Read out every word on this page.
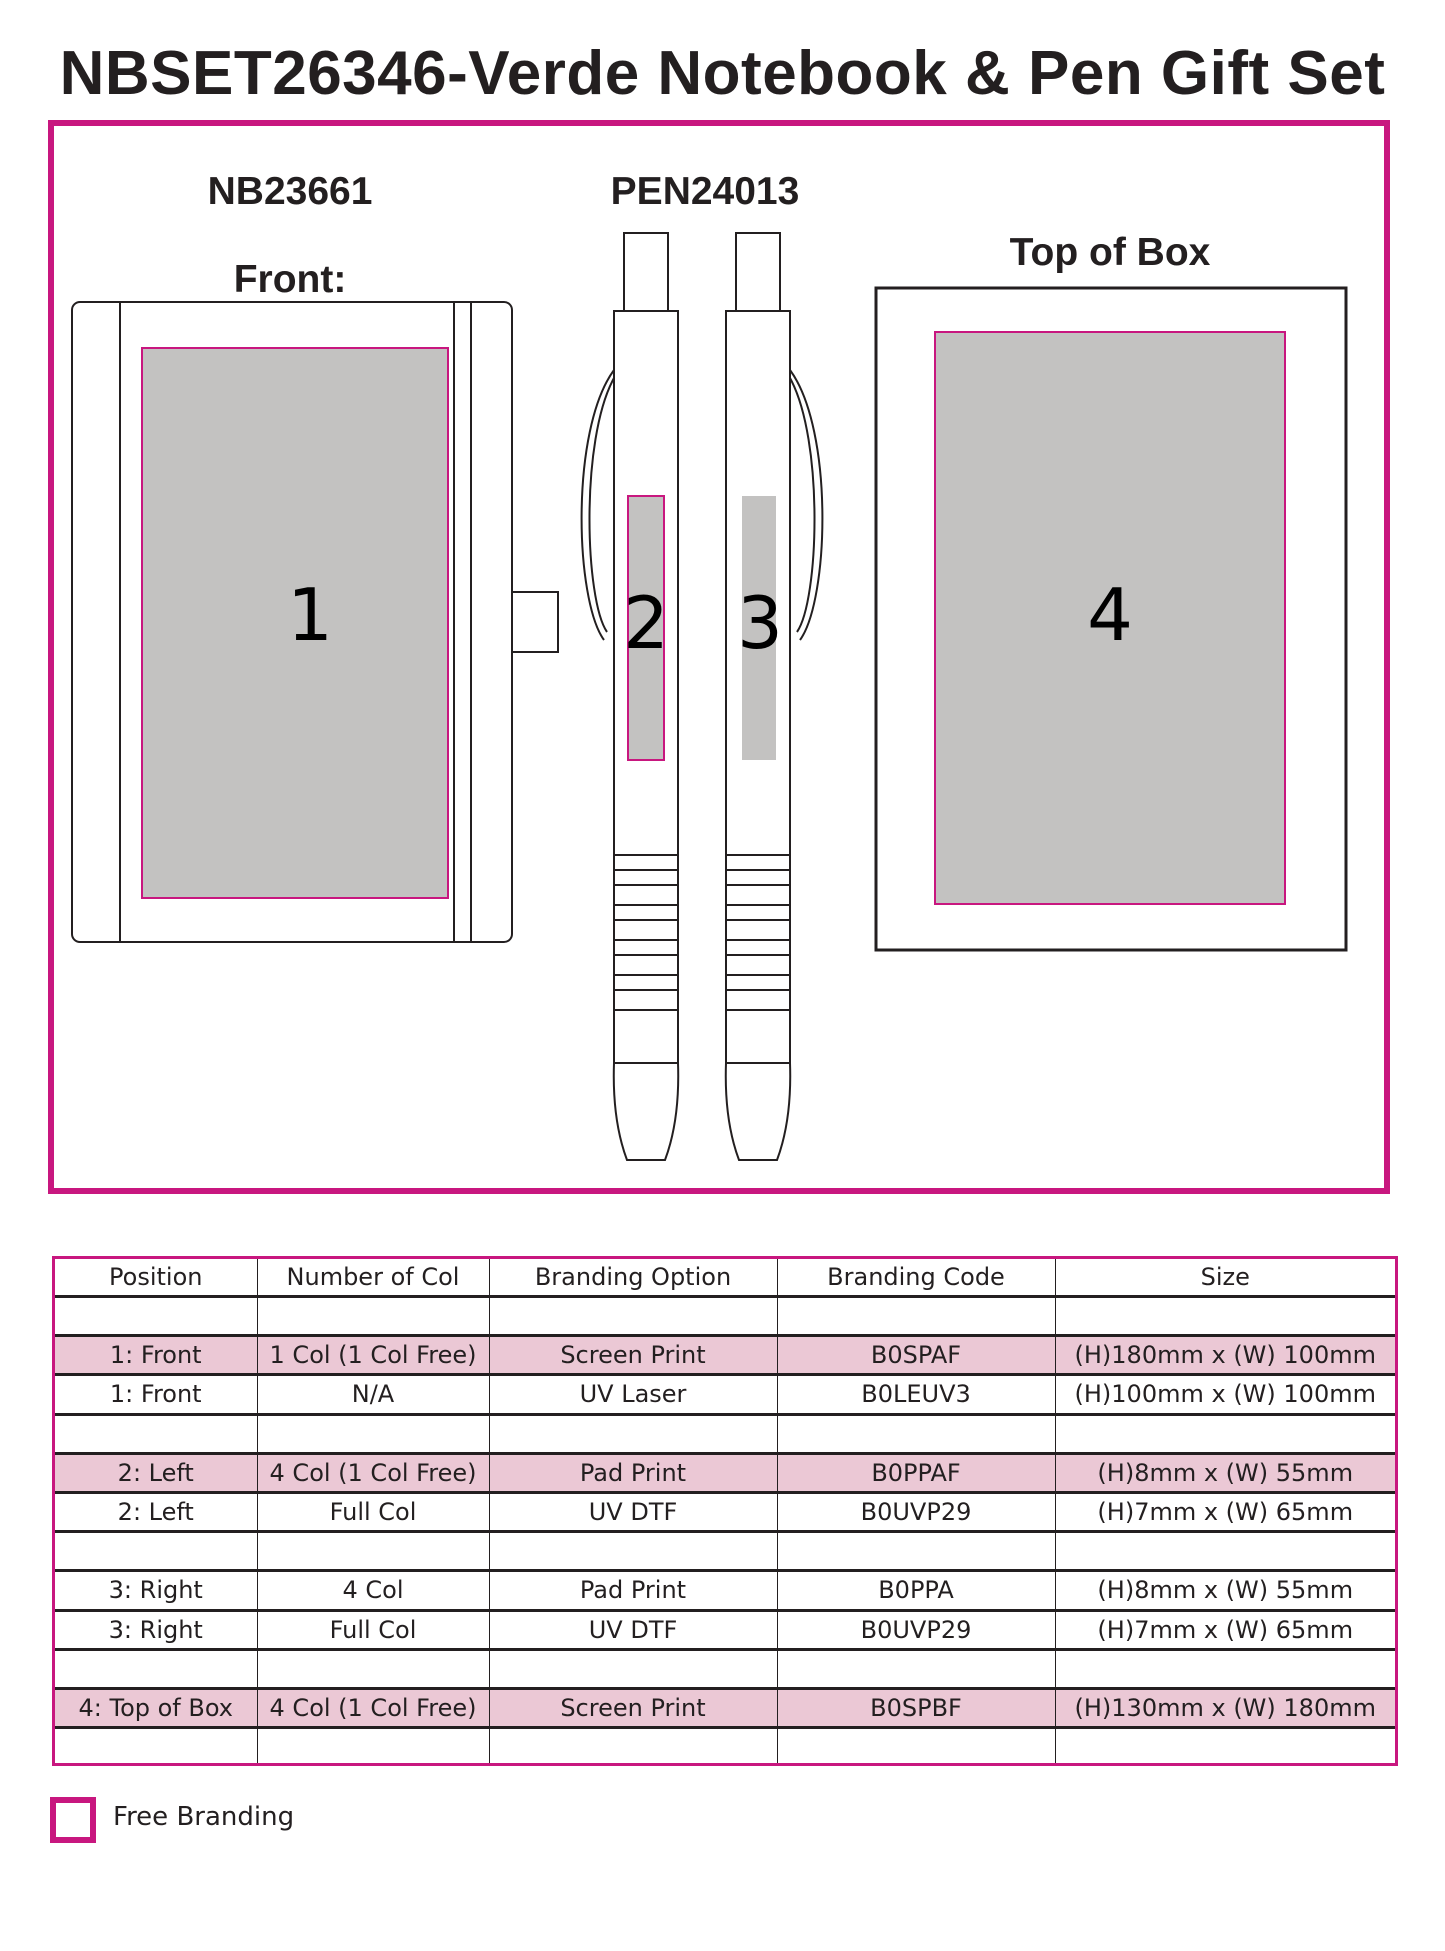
NBSET26346-Verde Notebook & Pen Gift Set
NB23661
Front:
PEN24013
Top of Box
1	2 3	4
Position	Number of Col	Branding Option	Branding Code	Size

1: Front	1 Col (1 Col Free)	Screen Print	B0SPAF	(H)180mm x (W) 100mm
1: Front	N/A	UV Laser	B0LEUV3	(H)100mm x (W) 100mm

2: Left	4 Col (1 Col Free)	Pad Print	B0PPAF	(H)8mm x (W) 55mm
2: Left	Full Col	UV DTF	B0UVP29	(H)7mm x (W) 65mm

3: Right	4 Col	Pad Print	B0PPA	(H)8mm x (W) 55mm
3: Right	Full Col	UV DTF	B0UVP29	(H)7mm x (W) 65mm

4: Top of Box	4 Col (1 Col Free)	Screen Print	B0SPBF	(H)130mm x (W) 180mm

Free Branding
